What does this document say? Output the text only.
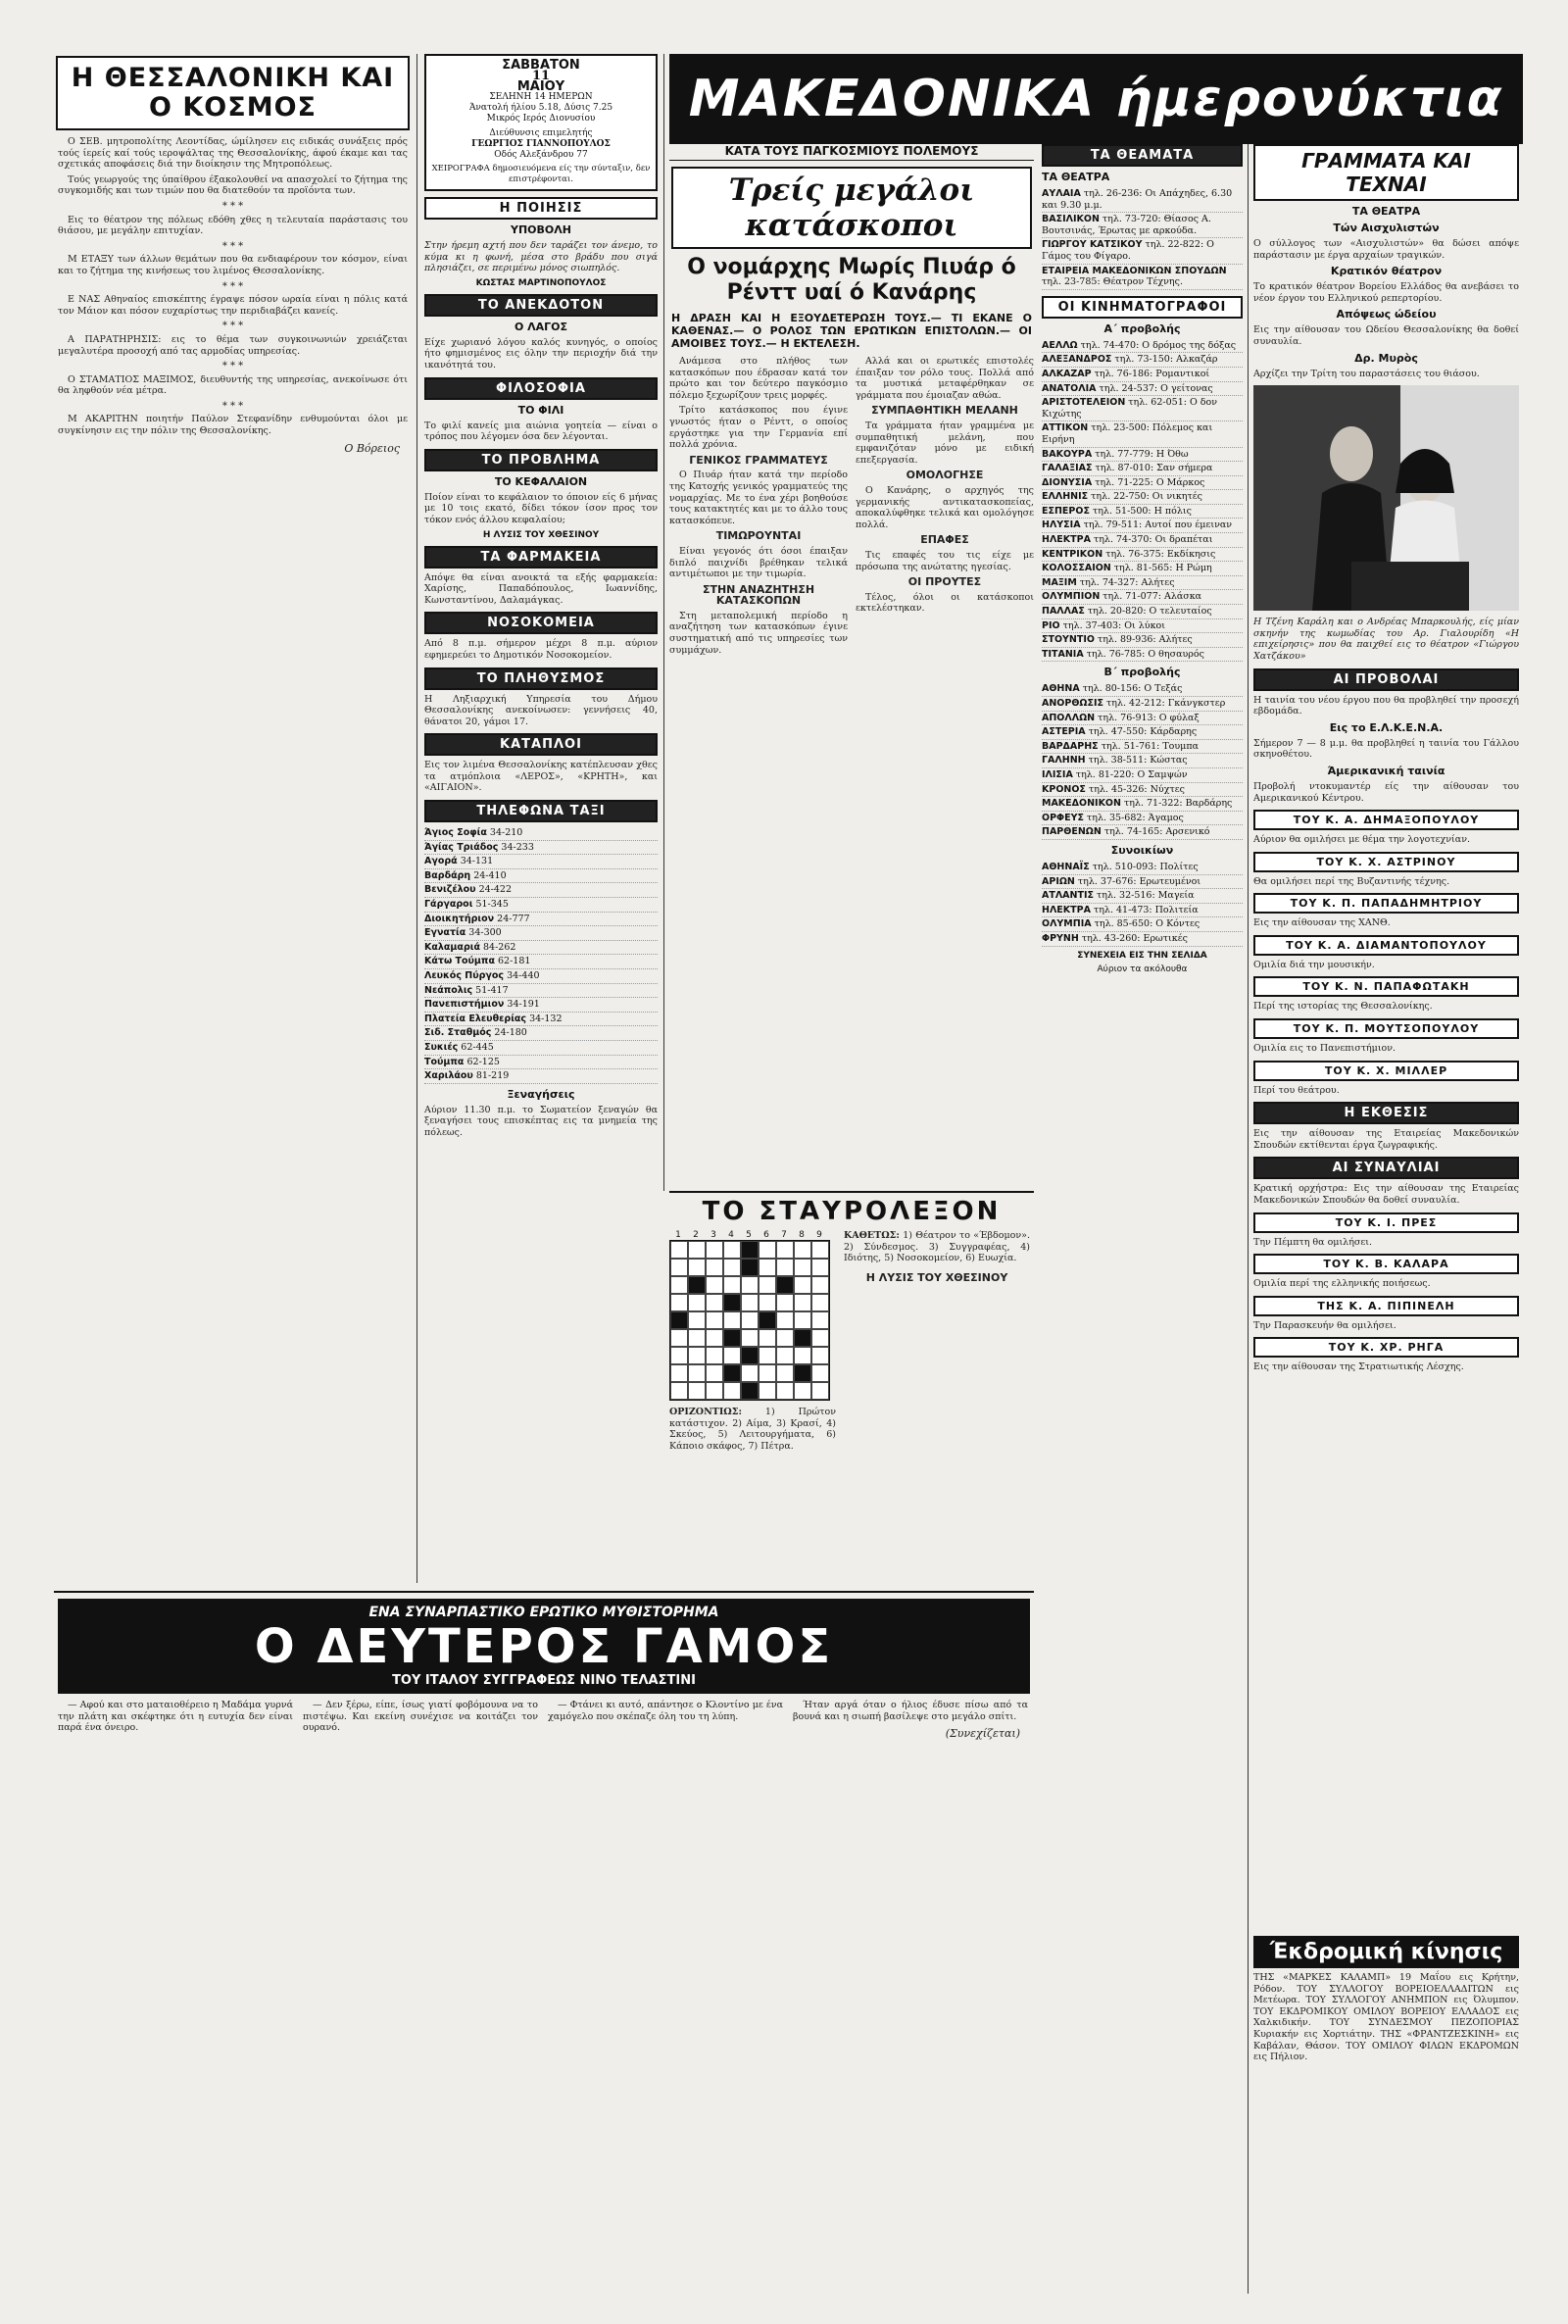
Η ΘΕΣΣΑΛΟΝΙΚΗ ΚΑΙ Ο ΚΟΣΜΟΣ

Ο ΣΕΒ. μητροπολίτης Λεοντίδας, ώμίλησεν εις ειδικάς συνάξεις πρός τούς ίερείς καί τούς ιεροψάλτας της Θεσσαλονίκης, άφού έκαμε και τας σχετικάς αποφάσεις διά την διοίκησιν της Μητροπόλεως.

Τούς γεωργούς της ύπαίθρου έξακολουθεί να απασχολεί το ζήτημα της συγκομιδής και των τιμών που θα διατεθούν τα προϊόντα των.

* * *

Εις το θέατρον της πόλεως εδόθη χθες η τελευταία παράστασις του θιάσου, με μεγάλην επιτυχίαν.

* * *

Μ ΕΤΑΞΥ των άλλων θεμάτων που θα ενδιαφέρουν τον κόσμον, είναι και το ζήτημα της κινήσεως του λιμένος Θεσσαλονίκης.

* * *

Ε ΝΑΣ Αθηναίος επισκέπτης έγραψε πόσον ωραία είναι η πόλις κατά τον Μάιον και πόσον ευχαρίστως την περιδιαβάζει κανείς.

* * *

Α ΠΑΡΑΤΗΡΗΣΙΣ: εις το θέμα των συγκοινωνιών χρειάζεται μεγαλυτέρα προσοχή από τας αρμοδίας υπηρεσίας.

* * *

Ο ΣΤΑΜΑΤΙΟΣ ΜΑΞΙΜΟΣ, διευθυντής της υπηρεσίας, ανεκοίνωσε ότι θα ληφθούν νέα μέτρα.

* * *

Μ ΑΚΑΡΙΤΗΝ ποιητήν Παύλον Στεφανίδην ενθυμούνται όλοι με συγκίνησιν εις την πόλιν της Θεσσαλονίκης.

Ο Βόρειος
ΣΑΒΒΑΤΟΝ
11
ΜΑΙΟΥ
ΣΕΛΗΝΗ 14 ΗΜΕΡΩΝ
Άνατολή ήλίου 5.18, Δύσις 7.25
Μικρός Ιερός Διονυσίου
Διεύθυνσις επιμελητής
ΓΕΩΡΓΙΟΣ ΓΙΑΝΝΟΠΟΥΛΟΣ
Οδός Αλεξάνδρου 77
ΧΕΙΡΟΓΡΑΦΑ δημοσιευόμενα είς την σύνταξιν, δεν επιστρέφονται.
Η ΠΟΙΗΣΙΣ
ΥΠΟΒΟΛΗ
Στην ήρεμη αχτή που δεν ταράζει τον άνεμο, το κύμα κι η φωνή, μέσα στο βράδυ που σιγά πλησιάζει, σε περιμένω μόνος σιωπηλός.
ΚΩΣΤΑΣ ΜΑΡΤΙΝΟΠΟΥΛΟΣ
ΤΟ ΑΝΕΚΔΟΤΟΝ
Ο ΛΑΓΟΣ
Είχε χωριανό λόγου καλός κυνηγός, ο οποίος ήτο φημισμένος εις όλην την περιοχήν διά την ικανότητά του.
ΦΙΛΟΣΟΦΙΑ
ΤΟ ΦΙΛΙ
Το φιλί κανείς μια αιώνια γοητεία — είναι ο τρόπος που λέγομεν όσα δεν λέγονται.
ΤΟ ΠΡΟΒΛΗΜΑ
ΤΟ ΚΕΦΑΛΑΙΟΝ
Ποίον είναι το κεφάλαιον το όποιον είς 6 μήνας με 10 τοις εκατό, δίδει τόκον ίσον προς τον τόκον ενός άλλου κεφαλαίου;
Η ΛΥΣΙΣ ΤΟΥ ΧΘΕΣΙΝΟΥ
ΤΑ ΦΑΡΜΑΚΕΙΑ
Απόψε θα είναι ανοικτά τα εξής φαρμακεία: Χαρίσης, Παπαδόπουλος, Ιωαννίδης, Κωνσταντίνου, Δαλαμάγκας.
ΝΟΣΟΚΟΜΕΙΑ
Από 8 π.μ. σήμερον μέχρι 8 π.μ. αύριον εφημερεύει το Δημοτικόν Νοσοκομείον.
ΤΟ ΠΛΗΘΥΣΜΟΣ
Η Ληξιαρχική Υπηρεσία του Δήμου Θεσσαλονίκης ανεκοίνωσεν: γεννήσεις 40, θάνατοι 20, γάμοι 17.
ΚΑΤΑΠΛΟΙ
Εις τον λιμένα Θεσσαλονίκης κατέπλευσαν χθες τα ατμόπλοια «ΛΕΡΟΣ», «ΚΡΗΤΗ», και «ΑΙΓΑΙΟΝ».
ΤΗΛΕΦΩΝΑ ΤΑΞΙ
Άγιος Σοφία 34-210
Άγίας Τριάδος 34-233
Αγορά 34-131
Βαρδάρη 24-410
Βενιζέλου 24-422
Γάργαροι 51-345
Διοικητήριον 24-777
Εγνατία 34-300
Καλαμαριά 84-262
Κάτω Τούμπα 62-181
Λευκός Πύργος 34-440
Νεάπολις 51-417
Πανεπιστήμιον 34-191
Πλατεία Ελευθερίας 34-132
Σιδ. Σταθμός 24-180
Συκιές 62-445
Τούμπα 62-125
Χαριλάου 81-219
Ξεναγήσεις
Αύριον 11.30 π.μ. το Σωματείον ξεναγών θα ξεναγήσει τους επισκέπτας εις τα μνημεία της πόλεως.
ΜΑΚΕΔΟΝΙΚΑ ήμερονύκτια
ΚΑΤΑ ΤΟΥΣ ΠΑΓΚΟΣΜΙΟΥΣ ΠΟΛΕΜΟΥΣ
Τρείς μεγάλοι κατάσκοποι
Ο νομάρχης Μωρίς Πιυάρ ό Ρένττ υαί ό Κανάρης
Η ΔΡΑΣΗ ΚΑΙ Η ΕΞΟΥΔΕΤΕΡΩΣΗ ΤΟΥΣ.— ΤΙ ΕΚΑΝΕ Ο ΚΑΘΕΝΑΣ.— Ο ΡΟΛΟΣ ΤΩΝ ΕΡΩΤΙΚΩΝ ΕΠΙΣΤΟΛΩΝ.— ΟΙ ΑΜΟΙΒΕΣ ΤΟΥΣ.— Η ΕΚΤΕΛΕΣΗ.

Ανάμεσα στο πλήθος των κατασκόπων που έδρασαν κατά τον πρώτο και τον δεύτερο παγκόσμιο πόλεμο ξεχωρίζουν τρεις μορφές.

Τρίτο κατάσκοπος που έγινε γνωστός ήταν ο Ρένττ, ο οποίος εργάστηκε για την Γερμανία επί πολλά χρόνια.

ΓΕΝΙΚΟΣ ΓΡΑΜΜΑΤΕΥΣ

Ο Πιυάρ ήταν κατά την περίοδο της Κατοχής γενικός γραμματεύς της νομαρχίας. Με το ένα χέρι βοηθούσε τους κατακτητές και με το άλλο τους κατασκόπευε.

ΤΙΜΩΡΟΥΝΤΑΙ

Είναι γεγονός ότι όσοι έπαιξαν διπλό παιχνίδι βρέθηκαν τελικά αντιμέτωποι με την τιμωρία.

ΣΤΗΝ ΑΝΑΖΗΤΗΣΗ ΚΑΤΑΣΚΟΠΩΝ

Στη μεταπολεμική περίοδο η αναζήτηση των κατασκόπων έγινε συστηματική από τις υπηρεσίες των συμμάχων.

Αλλά και οι ερωτικές επιστολές έπαιξαν τον ρόλο τους. Πολλά από τα μυστικά μεταφέρθηκαν σε γράμματα που έμοιαζαν αθώα.

ΣΥΜΠΑΘΗΤΙΚΗ ΜΕΛΑΝΗ

Τα γράμματα ήταν γραμμένα με συμπαθητική μελάνη, που εμφανιζόταν μόνο με ειδική επεξεργασία.

ΟΜΟΛΟΓΗΣΕ

Ο Κανάρης, ο αρχηγός της γερμανικής αντικατασκοπείας, αποκαλύφθηκε τελικά και ομολόγησε πολλά.

ΕΠΑΦΕΣ

Τις επαφές του τις είχε με πρόσωπα της ανώτατης ηγεσίας.

ΟΙ ΠΡΟΥΤΕΣ

Τέλος, όλοι οι κατάσκοποι εκτελέστηκαν.

ΤΟ ΣΤΑΥΡΟΛΕΞΟΝ
1	2	3	4	5	6	7	8	9
ΟΡΙΖΟΝΤΙΩΣ:	1) Πρώτον κατάστιχον. 2) Αίμα, 3) Κρασί, 4) Σκεύος, 5) Λειτουργήματα, 6) Κάποιο σκάφος, 7) Πέτρα.
ΚΑΘΕΤΩΣ: 1) Θέατρον το «Έβδομον». 2) Σύνδεσμος. 3) Συγγραφέας, 4) Ιδιότης, 5) Νοσοκομείον, 6) Ευωχία.
Η ΛΥΣΙΣ ΤΟΥ ΧΘΕΣΙΝΟΥ
ΤΑ ΘΕΑΜΑΤΑ
ΤΑ ΘΕΑΤΡΑ
ΑΥΛΑΙΑ τηλ. 26-236: Οι Απάχηδες, 6.30 και 9.30 μ.μ.
ΒΑΣΙΛΙΚΟΝ τηλ. 73-720: Θίασος Α. Βουτσινάς, Έρωτας με αρκούδα.
ΓΙΩΡΓΟΥ ΚΑΤΣΙΚΟΥ τηλ. 22-822: Ο Γάμος του Φίγαρο.
ΕΤΑΙΡΕΙΑ ΜΑΚΕΔΟΝΙΚΩΝ ΣΠΟΥΔΩΝ τηλ. 23-785: Θέατρον Τέχνης.
ΟΙ ΚΙΝΗΜΑΤΟΓΡΑΦΟΙ
Α΄ προβολής
ΑΕΛΛΩ τηλ. 74-470: Ο δρόμος της δόξας
ΑΛΕΞΑΝΔΡΟΣ τηλ. 73-150: Αλκαζάρ
ΑΛΚΑΖΑΡ τηλ. 76-186: Ρομαντικοί
ΑΝΑΤΟΛΙΑ τηλ. 24-537: Ο γείτονας
ΑΡΙΣΤΟΤΕΛΕΙΟΝ τηλ. 62-051: Ο δον Κιχώτης
ΑΤΤΙΚΟΝ τηλ. 23-500: Πόλεμος και Ειρήνη
ΒΑΚΟΥΡΑ τηλ. 77-779: Η Όθω
ΓΑΛΑΞΙΑΣ τηλ. 87-010: Σαν σήμερα
ΔΙΟΝΥΣΙΑ τηλ. 71-225: Ο Μάρκος
ΕΛΛΗΝΙΣ τηλ. 22-750: Οι νικητές
ΕΣΠΕΡΟΣ τηλ. 51-500: Η πόλις
ΗΛΥΣΙΑ τηλ. 79-511: Αυτοί που έμειναν
ΗΛΕΚΤΡΑ τηλ. 74-370: Οι δραπέται
ΚΕΝΤΡΙΚΟΝ τηλ. 76-375: Εκδίκησις
ΚΟΛΟΣΣΑΙΟΝ τηλ. 81-565: Η Ρώμη
ΜΑΞΙΜ τηλ. 74-327: Αλήτες
ΟΛΥΜΠΙΟΝ τηλ. 71-077: Αλάσκα
ΠΑΛΛΑΣ τηλ. 20-820: Ο τελευταίος
ΡΙΟ τηλ. 37-403: Οι λύκοι
ΣΤΟΥΝΤΙΟ τηλ. 89-936: Αλήτες
ΤΙΤΑΝΙΑ τηλ. 76-785: Ο θησαυρός
Β΄ προβολής
ΑΘΗΝΑ τηλ. 80-156: Ο Τεξάς
ΑΝΟΡΘΩΣΙΣ τηλ. 42-212: Γκάνγκστερ
ΑΠΟΛΛΩΝ τηλ. 76-913: Ο φύλαξ
ΑΣΤΕΡΙΑ τηλ. 47-550: Κάρδαρης
ΒΑΡΔΑΡΗΣ τηλ. 51-761: Τουμπα
ΓΑΛΗΝΗ τηλ. 38-511: Κώστας
ΙΛΙΣΙΑ τηλ. 81-220: Ο Σαμψών
ΚΡΟΝΟΣ τηλ. 45-326: Νύχτες
ΜΑΚΕΔΟΝΙΚΟΝ τηλ. 71-322: Βαρδάρης
ΟΡΦΕΥΣ τηλ. 35-682: Άγαμος
ΠΑΡΘΕΝΩΝ τηλ. 74-165: Αρσενικό
Συνοικίων
ΑΘΗΝΑΪΣ τηλ. 510-093: Πολίτες
ΑΡΙΩΝ τηλ. 37-676: Ερωτευμένοι
ΑΤΛΑΝΤΙΣ τηλ. 32-516: Μαγεία
ΗΛΕΚΤΡΑ τηλ. 41-473: Πολιτεία
ΟΛΥΜΠΙΑ τηλ. 85-650: Ο Κόντες
ΦΡΥΝΗ τηλ. 43-260: Ερωτικές
ΣΥΝΕΧΕΙΑ ΕΙΣ ΤΗΝ ΣΕΛΙΔΑ
Αύριον τα ακόλουθα
ΓΡΑΜΜΑΤΑ ΚΑΙ ΤΕΧΝΑΙ
ΤΑ ΘΕΑΤΡΑ
Τών Αισχυλιστών
Ο σύλλογος των «Αισχυλιστών» θα δώσει απόψε παράστασιν με έργα αρχαίων τραγικών.
Κρατικόν θέατρον
Το κρατικόν θέατρον Βορείου Ελλάδος θα ανεβάσει το νέον έργον του Ελληνικού ρεπερτορίου.
Απόψεως ώδείου
Εις την αίθουσαν του Ωδείου Θεσσαλονίκης θα δοθεί συναυλία.
Δρ. Μυρὸς
Αρχίζει την Τρίτη του παραστάσεις του θιάσου.
Η Τζένη Καράλη και ο Ανδρέας Μπαρκουλής, είς μίαν σκηνήν της κωμωδίας του Αρ. Γιαλουρίδη «Η επιχείρησις» που θα παιχθεί εις το θέατρον «Γιώργου Χατζάκου»
ΑΙ ΠΡΟΒΟΛΑΙ
Η ταινία του νέου έργου που θα προβληθεί την προσεχή εβδομάδα.
Εις το Ε.Λ.Κ.Ε.Ν.Α.
Σήμερον 7 — 8 μ.μ. θα προβληθεί η ταινία του Γάλλου σκηνοθέτου.
Άμερικανική ταινία
Προβολή ντοκυμαντέρ είς την αίθουσαν του Αμερικανικού Κέντρου.
ΤΟΥ Κ. Α. ΔΗΜΑΞΟΠΟΥΛΟΥ
Αύριον θα ομιλήσει με θέμα την λογοτεχνίαν.
ΤΟΥ Κ. Χ. ΑΣΤΡΙΝΟΥ
Θα ομιλήσει περί της Βυζαντινής τέχνης.
ΤΟΥ Κ. Π. ΠΑΠΑΔΗΜΗΤΡΙΟΥ
Εις την αίθουσαν της ΧΑΝΘ.
ΤΟΥ Κ. Α. ΔΙΑΜΑΝΤΟΠΟΥΛΟΥ
Ομιλία διά την μουσικήν.
ΤΟΥ Κ. Ν. ΠΑΠΑΦΩΤΑΚΗ
Περί της ιστορίας της Θεσσαλονίκης.
ΤΟΥ Κ. Π. ΜΟΥΤΣΟΠΟΥΛΟΥ
Ομιλία εις το Πανεπιστήμιον.
ΤΟΥ Κ. Χ. ΜΙΛΛΕΡ
Περί του θεάτρου.
Η ΕΚΘΕΣΙΣ
Εις την αίθουσαν της Εταιρείας Μακεδονικών Σπουδών εκτίθενται έργα ζωγραφικής.
ΑΙ ΣΥΝΑΥΛΙΑΙ
Κρατική ορχήστρα: Εις την αίθουσαν της Εταιρείας Μακεδονικών Σπουδών θα δοθεί συναυλία.
ΤΟΥ Κ. Ι. ΠΡΕΣ
Την Πέμπτη θα ομιλήσει.
ΤΟΥ Κ. Β. ΚΑΛΑΡΑ
Ομιλία περί της ελληνικής ποιήσεως.
ΤΗΣ Κ. Α. ΠΙΠΙΝΕΛΗ
Την Παρασκευήν θα ομιλήσει.
ΤΟΥ Κ. ΧΡ. ΡΗΓΑ
Εις την αίθουσαν της Στρατιωτικής Λέσχης.
Έκδρομική κίνησις
ΤΗΣ «ΜΑΡΚΕΣ ΚΑΛΑΜΠ» 19 Μαΐου εις Κρήτην, Ρόδον. ΤΟΥ ΣΥΛΛΟΓΟΥ ΒΟΡΕΙΟΕΛΛΑΔΙΤΩΝ εις Μετέωρα. ΤΟΥ ΣΥΛΛΟΓΟΥ ΑΝΗΜΠΟΝ εις Όλυμπον. ΤΟΥ ΕΚΔΡΟΜΙΚΟΥ ΟΜΙΛΟΥ ΒΟΡΕΙΟΥ ΕΛΛΑΔΟΣ εις Χαλκιδικήν. ΤΟΥ ΣΥΝΔΕΣΜΟΥ ΠΕΖΟΠΟΡΙΑΣ Κυριακήν εις Χορτιάτην. ΤΗΣ «ΦΡΑΝΤΖΕΣΚΙΝΗ» εις Καβάλαν, Θάσον. ΤΟΥ ΟΜΙΛΟΥ ΦΙΛΩΝ ΕΚΔΡΟΜΩΝ εις Πήλιον.
ΕΝΑ ΣΥΝΑΡΠΑΣΤΙΚΟ ΕΡΩΤΙΚΟ ΜΥΘΙΣΤΟΡΗΜΑ
Ο ΔΕΥΤΕΡΟΣ ΓΑΜΟΣ
ΤΟΥ ΙΤΑΛΟΥ ΣΥΓΓΡΑΦΕΩΣ ΝΙΝΟ ΤΕΛΑΣΤΙΝΙ

— Αφού και στο ματαιοθέρειο η Μαδάμα γυρνά την πλάτη και σκέφτηκε ότι η ευτυχία δεν είναι παρά ένα όνειρο.

— Δεν ξέρω, είπε, ίσως γιατί φοβόμουνα να το πιστέψω. Και εκείνη συνέχισε να κοιτάζει τον ουρανό.

— Φτάνει κι αυτό, απάντησε ο Κλοντίνο με ένα χαμόγελο που σκέπαζε όλη του τη λύπη.

Ήταν αργά όταν ο ήλιος έδυσε πίσω από τα βουνά και η σιωπή βασίλεψε στο μεγάλο σπίτι.

(Συνεχίζεται)
